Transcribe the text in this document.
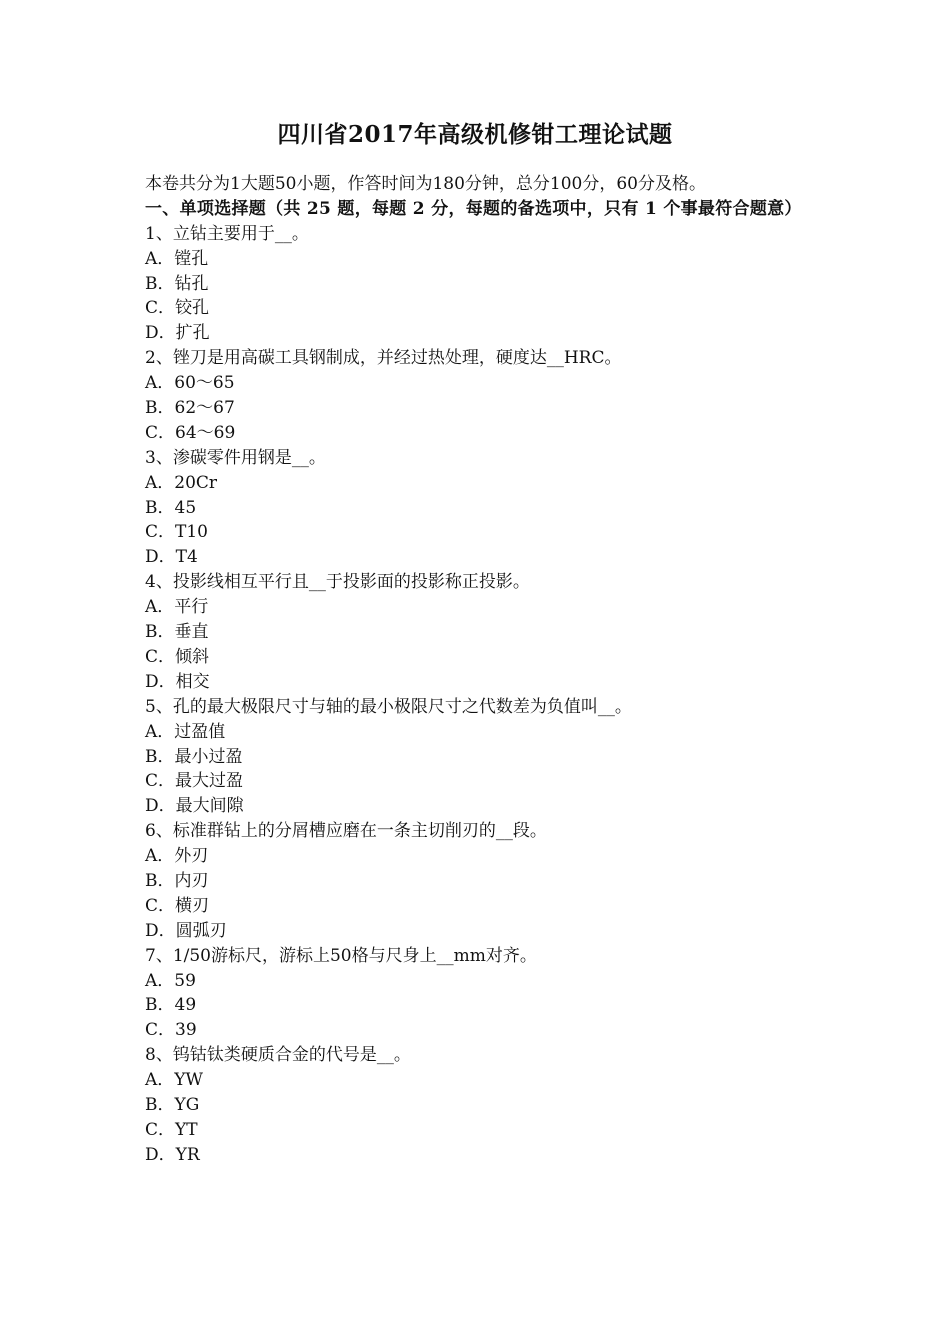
四川省2017年高级机修钳工理论试题
本卷共分为1大题50小题，作答时间为180分钟，总分100分，60分及格。
一、单项选择题（共 25 题，每题 2 分，每题的备选项中，只有 1 个事最符合题意）
1、立钻主要用于__。
A．镗孔
B．钻孔
C．铰孔
D．扩孔
2、锉刀是用高碳工具钢制成，并经过热处理，硬度达__HRC。
A．60～65
B．62～67
C．64～69
3、渗碳零件用钢是__。
A．20Cr
B．45
C．T10
D．T4
4、投影线相互平行且__于投影面的投影称正投影。
A．平行
B．垂直
C．倾斜
D．相交
5、孔的最大极限尺寸与轴的最小极限尺寸之代数差为负值叫__。
A．过盈值
B．最小过盈
C．最大过盈
D．最大间隙
6、标准群钻上的分屑槽应磨在一条主切削刃的__段。
A．外刃
B．内刃
C．横刃
D．圆弧刃
7、1/50游标尺，游标上50格与尺身上__mm对齐。
A．59
B．49
C．39
8、钨钴钛类硬质合金的代号是__。
A．YW
B．YG
C．YT
D．YR
